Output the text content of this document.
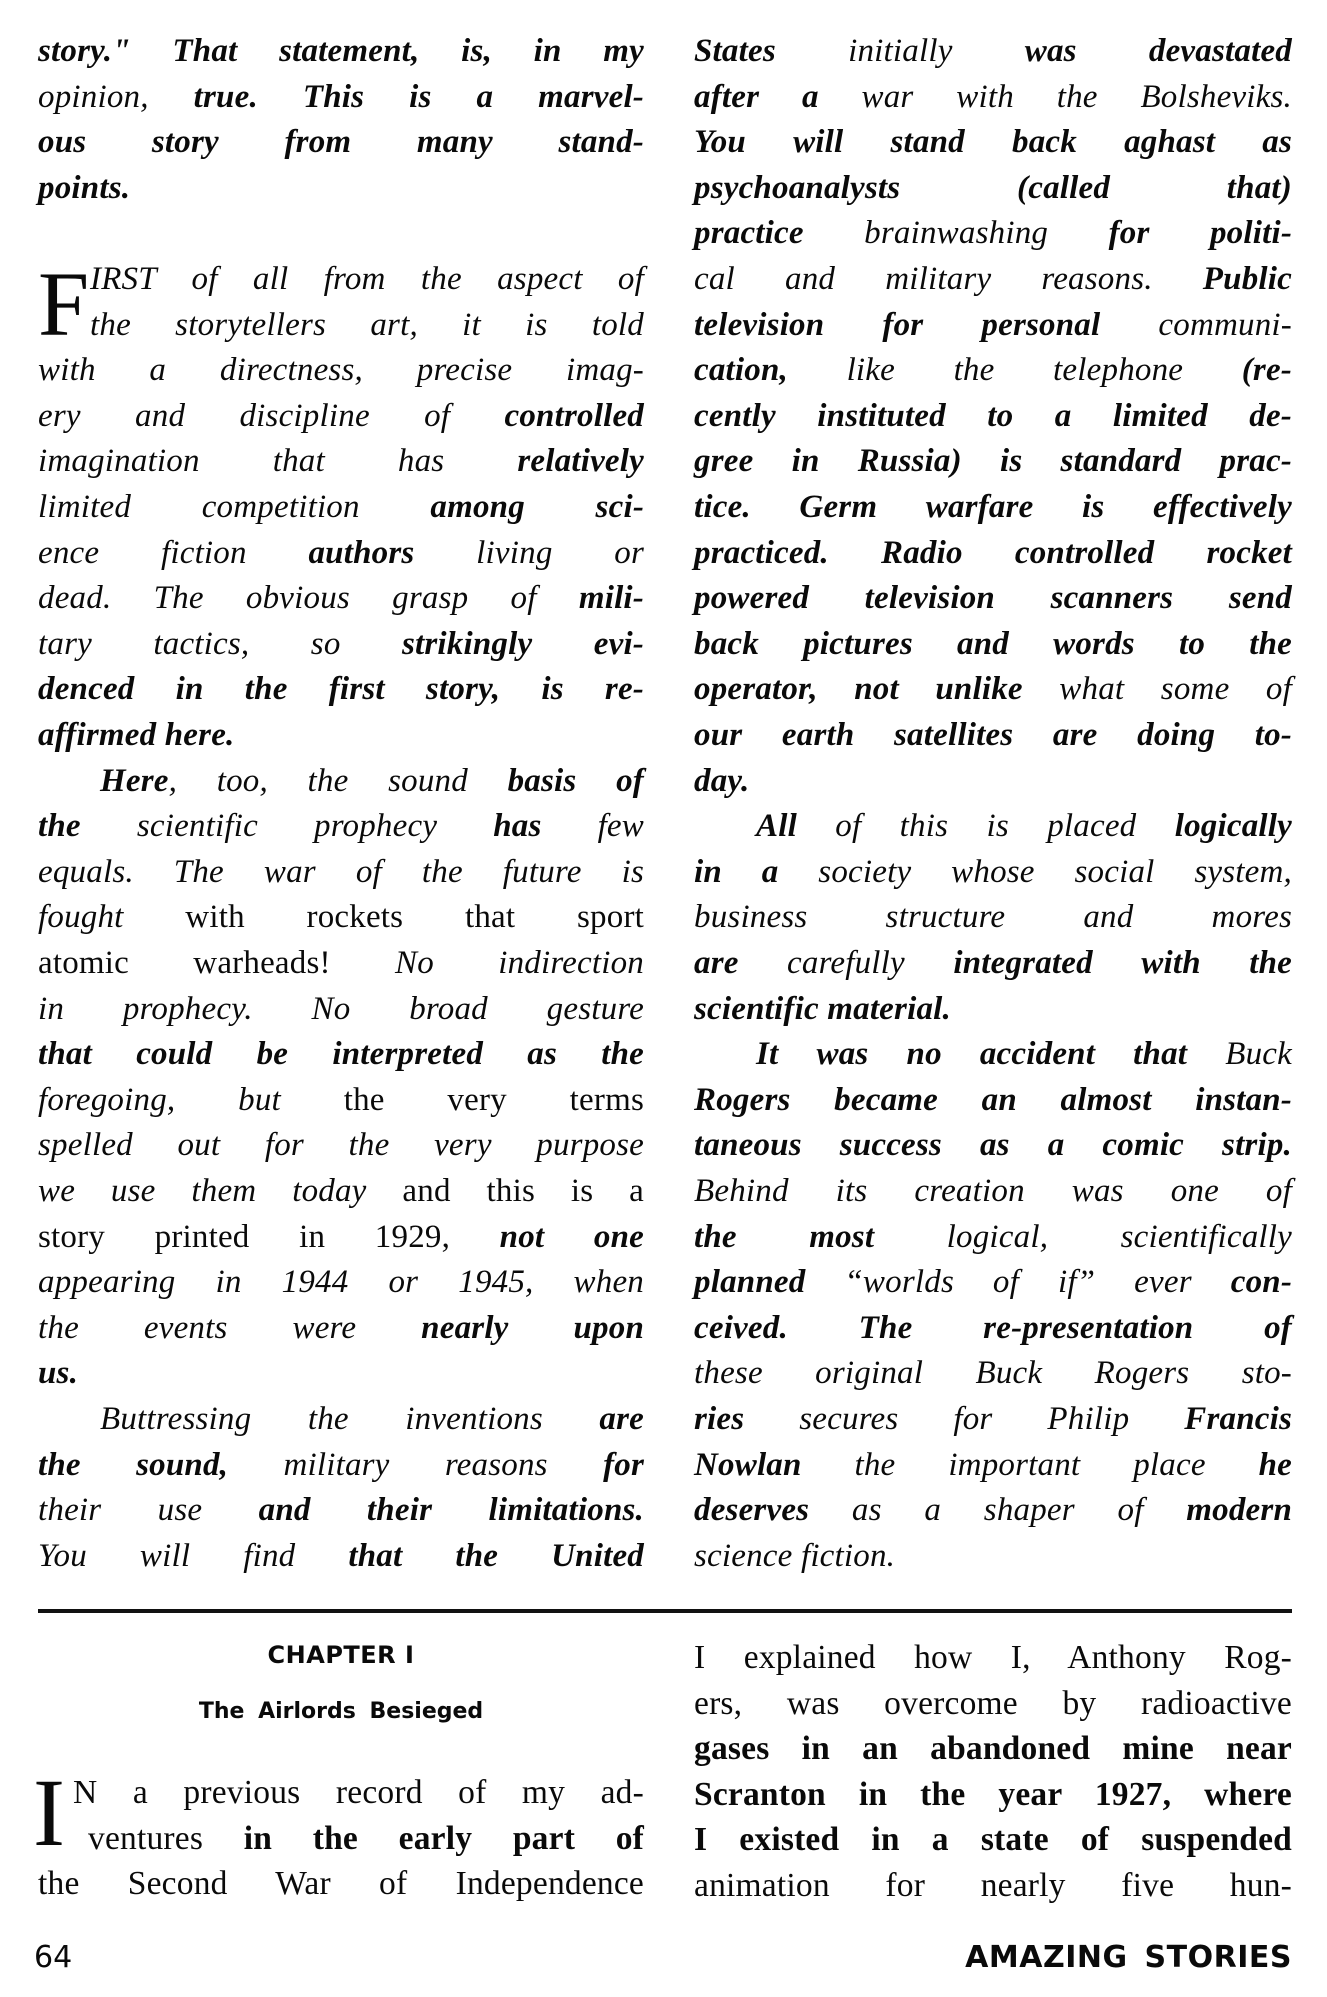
F
story." That statement, is, in my
opinion, true. This is a marvel-
ous story from many stand-
points.
IRST of all from the aspect of
the storytellers art, it is told
with a directness, precise imag-
ery and discipline of controlled
imagination that has relatively
limited competition among sci-
ence fiction authors living or
dead. The obvious grasp of mili-
tary tactics, so strikingly evi-
denced in the first story, is re-
affirmed here.
Here, too, the sound basis of
the scientific prophecy has few
equals. The war of the future is
fought with rockets that sport
atomic warheads! No indirection
in prophecy. No broad gesture
that could be interpreted as the
foregoing, but the very terms
spelled out for the very purpose
we use them today and this is a
story printed in 1929, not one
appearing in 1944 or 1945, when
the events were nearly upon
us.
Buttressing the inventions are
the sound, military reasons for
their use and their limitations.
You will find that the United
States initially was devastated
after a war with the Bolsheviks.
You will stand back aghast as
psychoanalysts (called that)
practice brainwashing for politi-
cal and military reasons. Public
television for personal communi-
cation, like the telephone (re-
cently instituted to a limited de-
gree in Russia) is standard prac-
tice. Germ warfare is effectively
practiced. Radio controlled rocket
powered television scanners send
back pictures and words to the
operator, not unlike what some of
our earth satellites are doing to-
day.
All of this is placed logically
in a society whose social system,
business structure and mores
are carefully integrated with the
scientific material.
It was no accident that Buck
Rogers became an almost instan-
taneous success as a comic strip.
Behind its creation was one of
the most logical, scientifically
planned “worlds of if” ever con-
ceived. The re-presentation of
these original Buck Rogers sto-
ries secures for Philip Francis
Nowlan the important place he
deserves as a shaper of modern
science fiction.
CHAPTER I
The Airlords Besieged
I N a previous record of my ad-
ventures in the early part of
the Second War of Independence
I explained how I, Anthony Rog-
ers, was overcome by radioactive
gases in an abandoned mine near
Scranton in the year 1927, where
I existed in a state of suspended
animation for nearly five hun-
64	AMAZING STORIES
